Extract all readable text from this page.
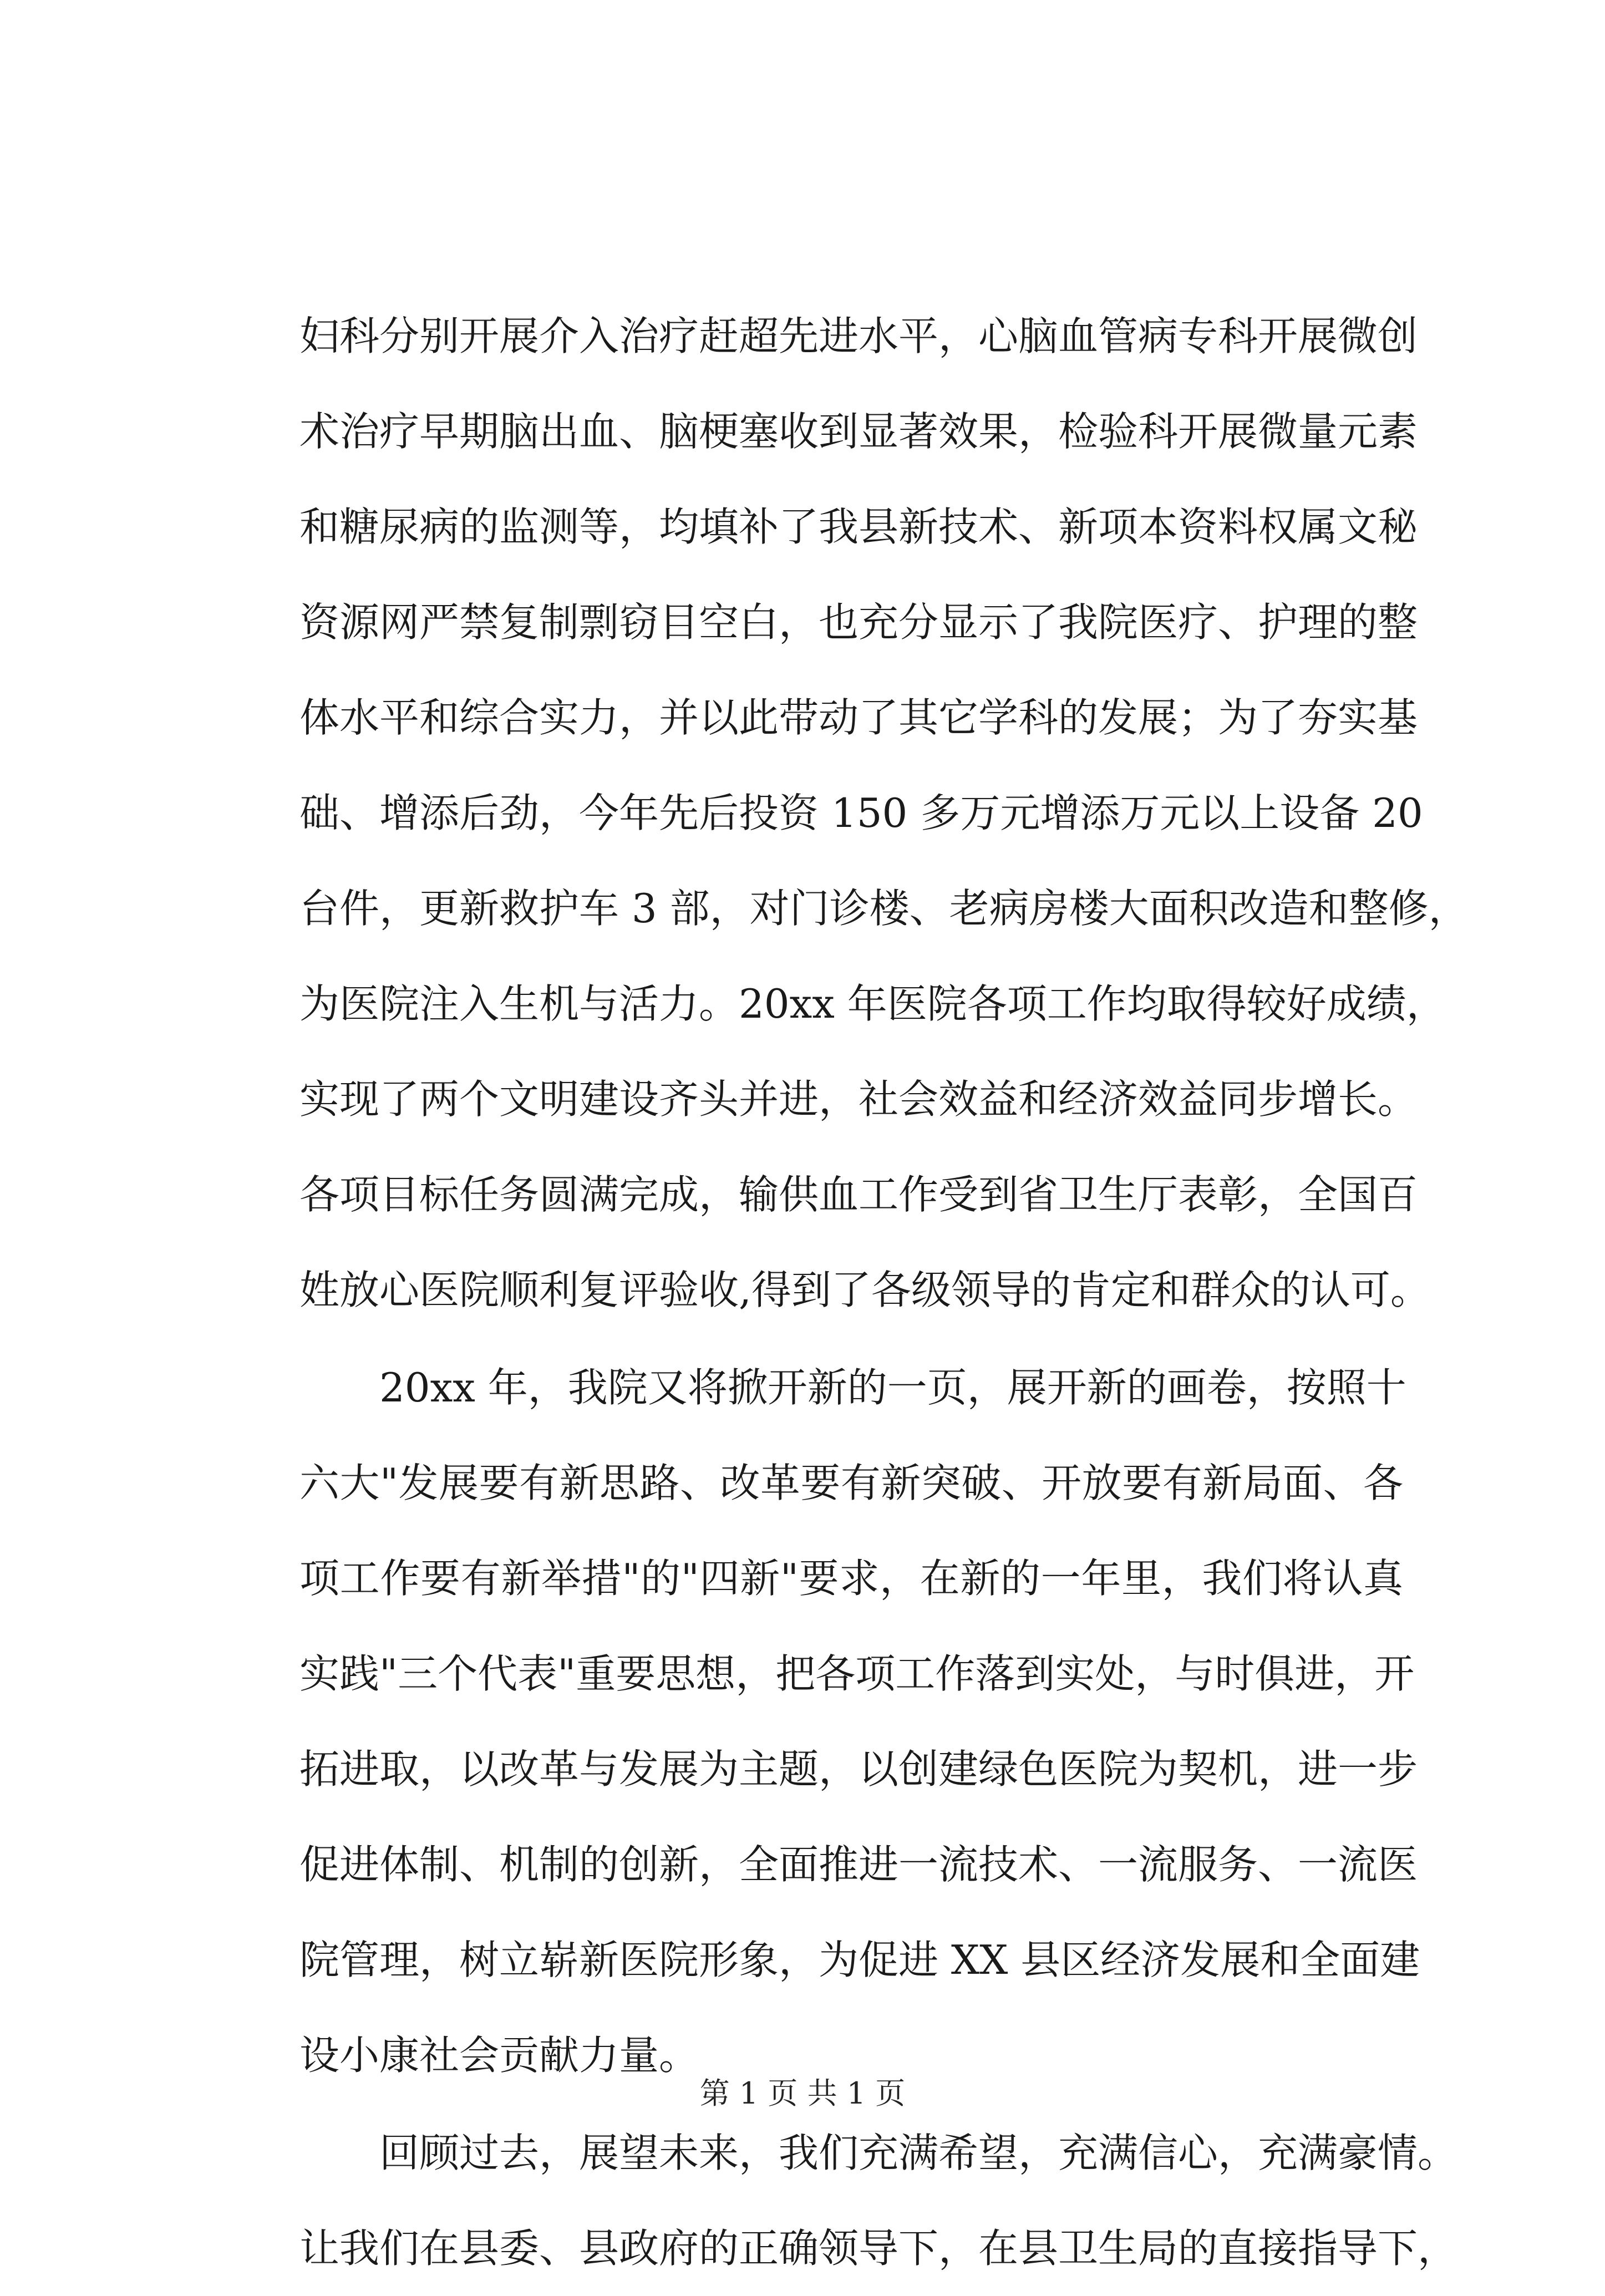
妇科分别开展介入治疗赶超先进水平，心脑血管病专科开展微创
术治疗早期脑出血、脑梗塞收到显著效果，检验科开展微量元素
和糖尿病的监测等，均填补了我县新技术、新项本资料权属文秘
资源网严禁复制剽窃目空白，也充分显示了我院医疗、护理的整
体水平和综合实力，并以此带动了其它学科的发展；为了夯实基
础、增添后劲，今年先后投资 150 多万元增添万元以上设备 20
台件，更新救护车 3 部，对门诊楼、老病房楼大面积改造和整修，
为医院注入生机与活力。20xx 年医院各项工作均取得较好成绩，
实现了两个文明建设齐头并进，社会效益和经济效益同步增长。
各项目标任务圆满完成，输供血工作受到省卫生厅表彰，全国百
姓放心医院顺利复评验收,得到了各级领导的肯定和群众的认可。

20xx 年，我院又将掀开新的一页，展开新的画卷，按照十
六大"发展要有新思路、改革要有新突破、开放要有新局面、各
项工作要有新举措"的"四新"要求，在新的一年里，我们将认真
实践"三个代表"重要思想，把各项工作落到实处，与时俱进，开
拓进取，以改革与发展为主题，以创建绿色医院为契机，进一步
促进体制、机制的创新，全面推进一流技术、一流服务、一流医
院管理，树立崭新医院形象，为促进 XX 县区经济发展和全面建
设小康社会贡献力量。

回顾过去，展望未来，我们充满希望，充满信心，充满豪情。
让我们在县委、县政府的正确领导下，在县卫生局的直接指导下，

第 1 页 共 1 页
